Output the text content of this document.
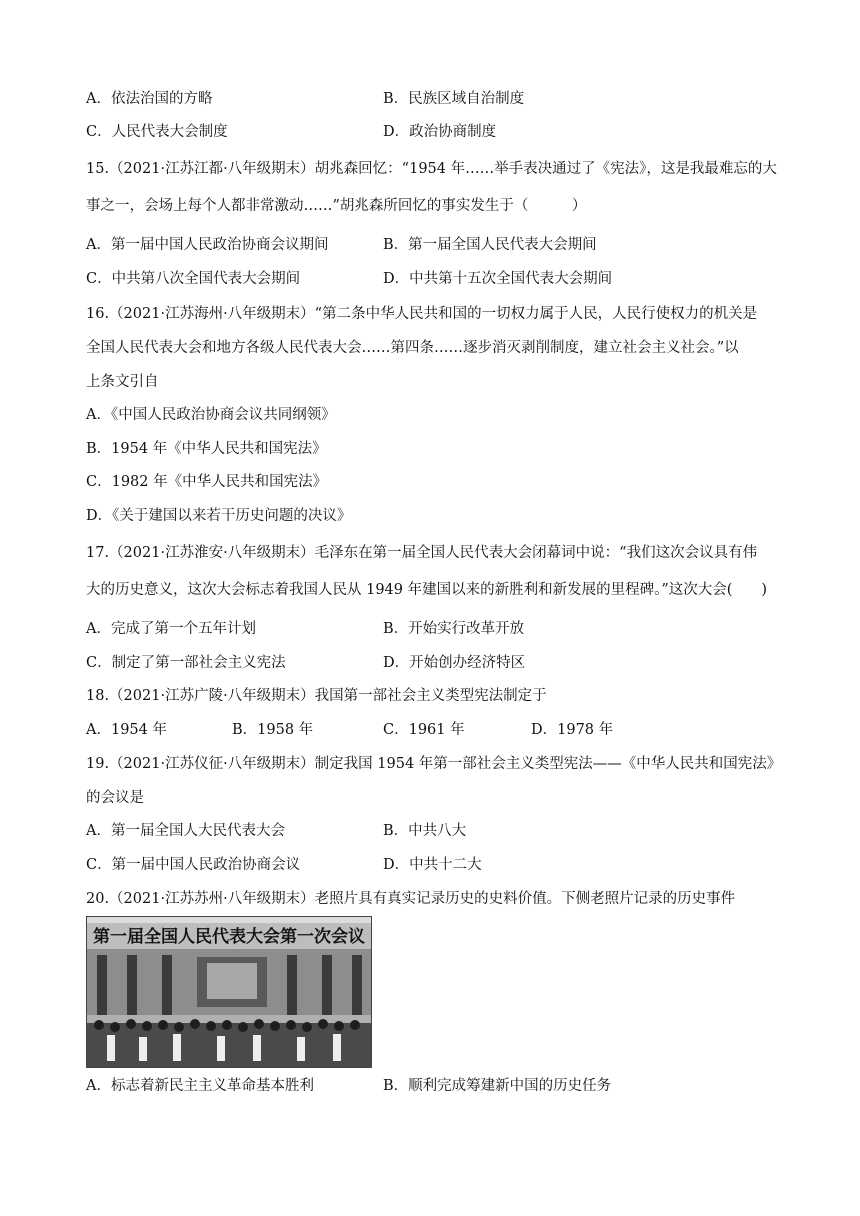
A．依法治国的方略	B．民族区域自治制度
C．人民代表大会制度	D．政治协商制度
15.（2021·江苏江都·八年级期末）胡兆森回忆：“1954 年……举手表决通过了《宪法》，这是我最难忘的大
事之一，会场上每个人都非常激动……”胡兆森所回忆的事实发生于（　　　）
A．第一届中国人民政治协商会议期间	B．第一届全国人民代表大会期间
C．中共第八次全国代表大会期间	D．中共第十五次全国代表大会期间
16.（2021·江苏海州·八年级期末）“第二条中华人民共和国的一切权力属于人民，人民行使权力的机关是
全国人民代表大会和地方各级人民代表大会……第四条……逐步消灭剥削制度，建立社会主义社会。”以
上条文引自
A．《中国人民政治协商会议共同纲领》
B．1954 年《中华人民共和国宪法》
C．1982 年《中华人民共和国宪法》
D．《关于建国以来若干历史问题的决议》
17.（2021·江苏淮安·八年级期末）毛泽东在第一届全国人民代表大会闭幕词中说：“我们这次会议具有伟
大的历史意义，这次大会标志着我国人民从 1949 年建国以来的新胜利和新发展的里程碑。”这次大会(　　)
A．完成了第一个五年计划	B．开始实行改革开放
C．制定了第一部社会主义宪法	D．开始创办经济特区
18.（2021·江苏广陵·八年级期末）我国第一部社会主义类型宪法制定于
A．1954 年	B．1958 年	C．1961 年	D．1978 年
19.（2021·江苏仪征·八年级期末）制定我国 1954 年第一部社会主义类型宪法——《中华人民共和国宪法》
的会议是
A．第一届全国人大民代表大会	B．中共八大
C．第一届中国人民政治协商会议	D．中共十二大
20.（2021·江苏苏州·八年级期末）老照片具有真实记录历史的史料价值。下侧老照片记录的历史事件
第一届全国人民代表大会第一次会议
A．标志着新民主主义革命基本胜利	B．顺利完成筹建新中国的历史任务
